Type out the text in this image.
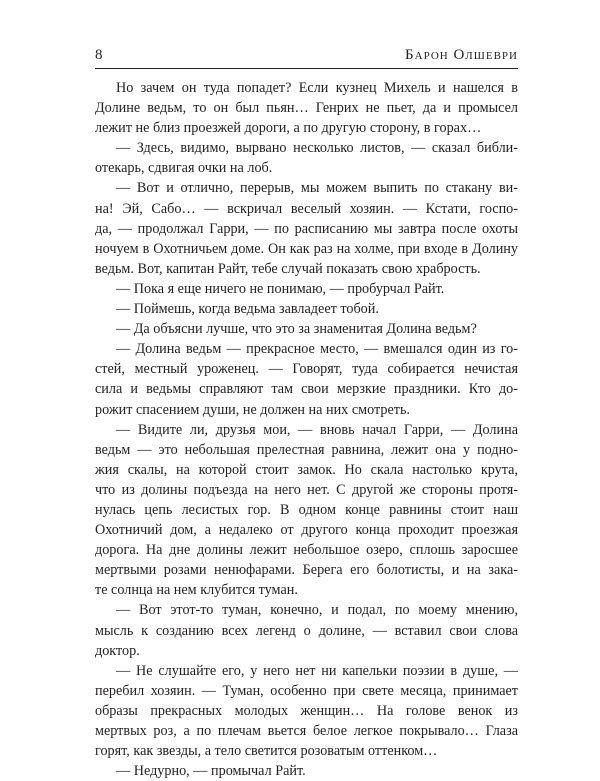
8	Барон Олшеври
Но зачем он туда попадет? Если кузнец Михель и нашелся в
Долине ведьм, то он был пьян… Генрих не пьет, да и промысел
лежит не близ проезжей дороги, а по другую сторону, в горах…
— Здесь, видимо, вырвано несколько листов, — сказал библи-
отекарь, сдвигая очки на лоб.
— Вот и отлично, перерыв, мы можем выпить по стакану ви-
на! Эй, Сабо… — вскричал веселый хозяин. — Кстати, госпо-
да, — продолжал Гарри, — по расписанию мы завтра после охоты
ночуем в Охотничьем доме. Он как раз на холме, при входе в Долину
ведьм. Вот, капитан Райт, тебе случай показать свою храбрость.
— Пока я еще ничего не понимаю, — пробурчал Райт.
— Поймешь, когда ведьма завладеет тобой.
— Да объясни лучше, что это за знаменитая Долина ведьм?
— Долина ведьм — прекрасное место, — вмешался один из го-
стей, местный уроженец. — Говорят, туда собирается нечистая
сила и ведьмы справляют там свои мерзкие праздники. Кто до-
рожит спасением души, не должен на них смотреть.
— Видите ли, друзья мои, — вновь начал Гарри, — Долина
ведьм — это небольшая прелестная равнина, лежит она у подно-
жия скалы, на которой стоит замок. Но скала настолько крута,
что из долины подъезда на него нет. С другой же стороны протя-
нулась цепь лесистых гор. В одном конце равнины стоит наш
Охотничий дом, а недалеко от другого конца проходит проезжая
дорога. На дне долины лежит небольшое озеро, сплошь заросшее
мертвыми розами ненюфарами. Берега его болотисты, и на зака-
те солнца на нем клубится туман.
— Вот этот-то туман, конечно, и подал, по моему мнению,
мысль к созданию всех легенд о долине, — вставил свои слова
доктор.
— Не слушайте его, у него нет ни капельки поэзии в душе, —
перебил хозяин. — Туман, особенно при свете месяца, принимает
образы прекрасных молодых женщин… На голове венок из
мертвых роз, а по плечам вьется белое легкое покрывало… Глаза
горят, как звезды, а тело светится розоватым оттенком…
— Недурно, — промычал Райт.
